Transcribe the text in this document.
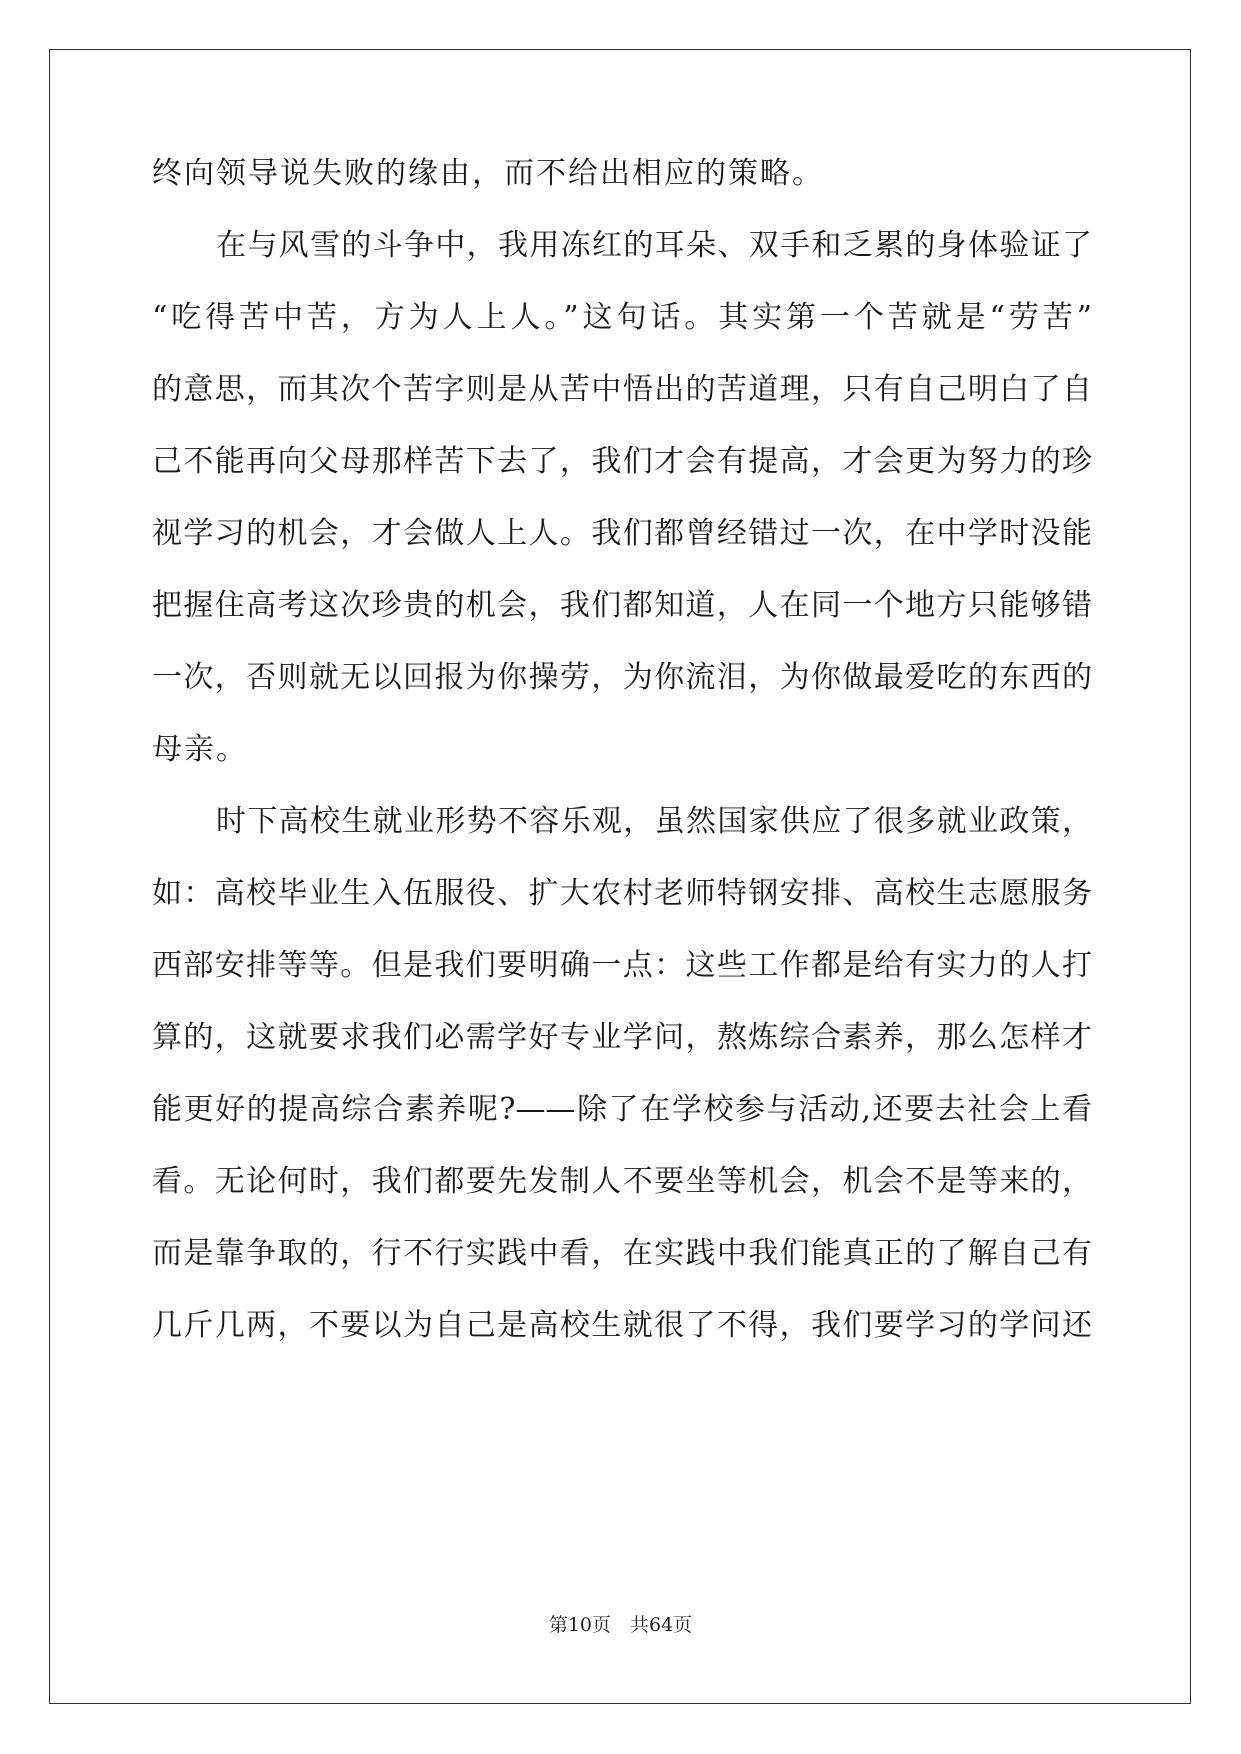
终向领导说失败的缘由，而不给出相应的策略。
在与风雪的斗争中，我用冻红的耳朵、双手和乏累的身体验证了
“吃得苦中苦，方为人上人。”这句话。其实第一个苦就是“劳苦”
的意思，而其次个苦字则是从苦中悟出的苦道理，只有自己明白了自
己不能再向父母那样苦下去了，我们才会有提高，才会更为努力的珍
视学习的机会，才会做人上人。我们都曾经错过一次，在中学时没能
把握住高考这次珍贵的机会，我们都知道，人在同一个地方只能够错
一次，否则就无以回报为你操劳，为你流泪，为你做最爱吃的东西的
母亲。
时下高校生就业形势不容乐观，虽然国家供应了很多就业政策，
如：高校毕业生入伍服役、扩大农村老师特钢安排、高校生志愿服务
西部安排等等。但是我们要明确一点：这些工作都是给有实力的人打
算的，这就要求我们必需学好专业学问，熬炼综合素养，那么怎样才
能更好的提高综合素养呢?——除了在学校参与活动,还要去社会上看
看。无论何时，我们都要先发制人不要坐等机会，机会不是等来的，
而是靠争取的，行不行实践中看，在实践中我们能真正的了解自己有
几斤几两，不要以为自己是高校生就很了不得，我们要学习的学问还
第10页　共64页
